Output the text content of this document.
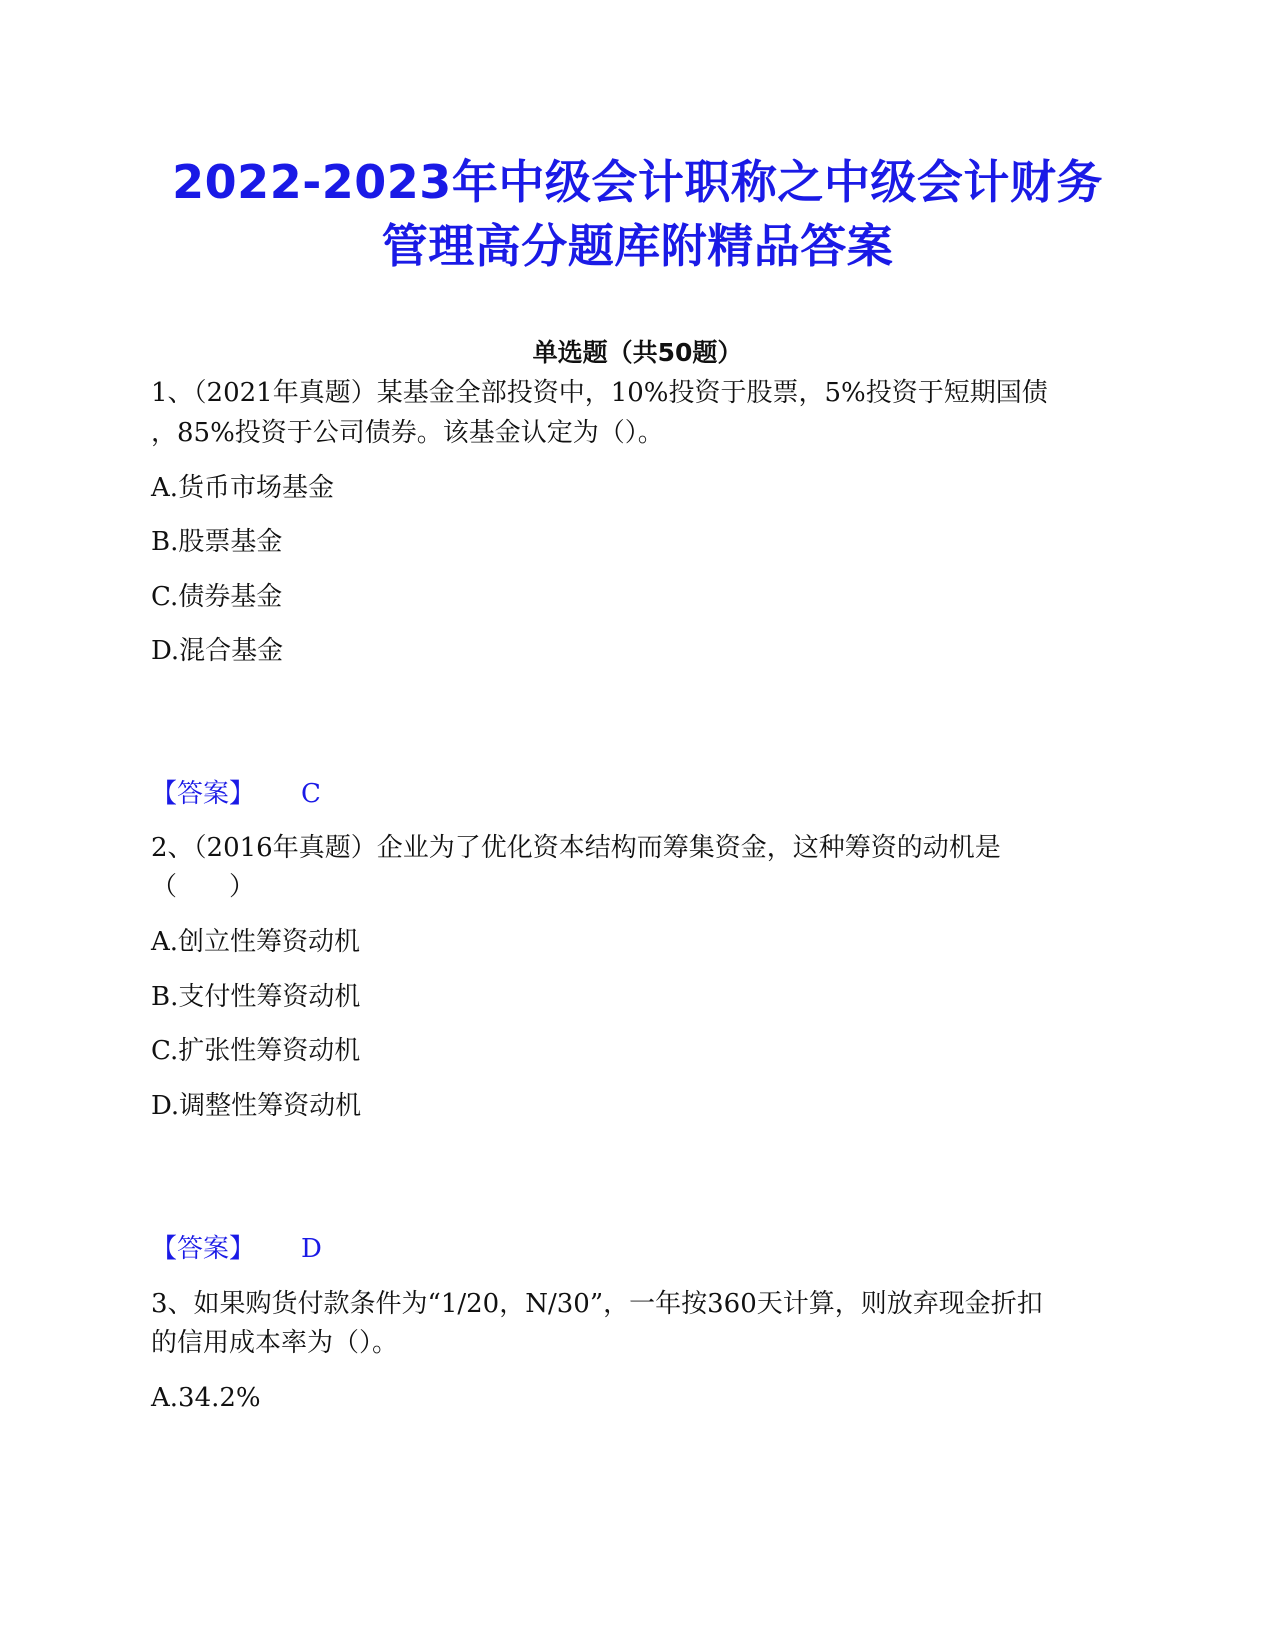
2022-2023年中级会计职称之中级会计财务
管理高分题库附精品答案
单选题（共50题）
1、（2021年真题）某基金全部投资中，10%投资于股票，5%投资于短期国债
，85%投资于公司债券。该基金认定为（）。
A.货币市场基金
B.股票基金
C.债券基金
D.混合基金
【答案】 C
2、（2016年真题）企业为了优化资本结构而筹集资金，这种筹资的动机是
（　　）
A.创立性筹资动机
B.支付性筹资动机
C.扩张性筹资动机
D.调整性筹资动机
【答案】 D
3、如果购货付款条件为“1/20，N/30”，一年按360天计算，则放弃现金折扣
的信用成本率为（）。
A.34.2%
